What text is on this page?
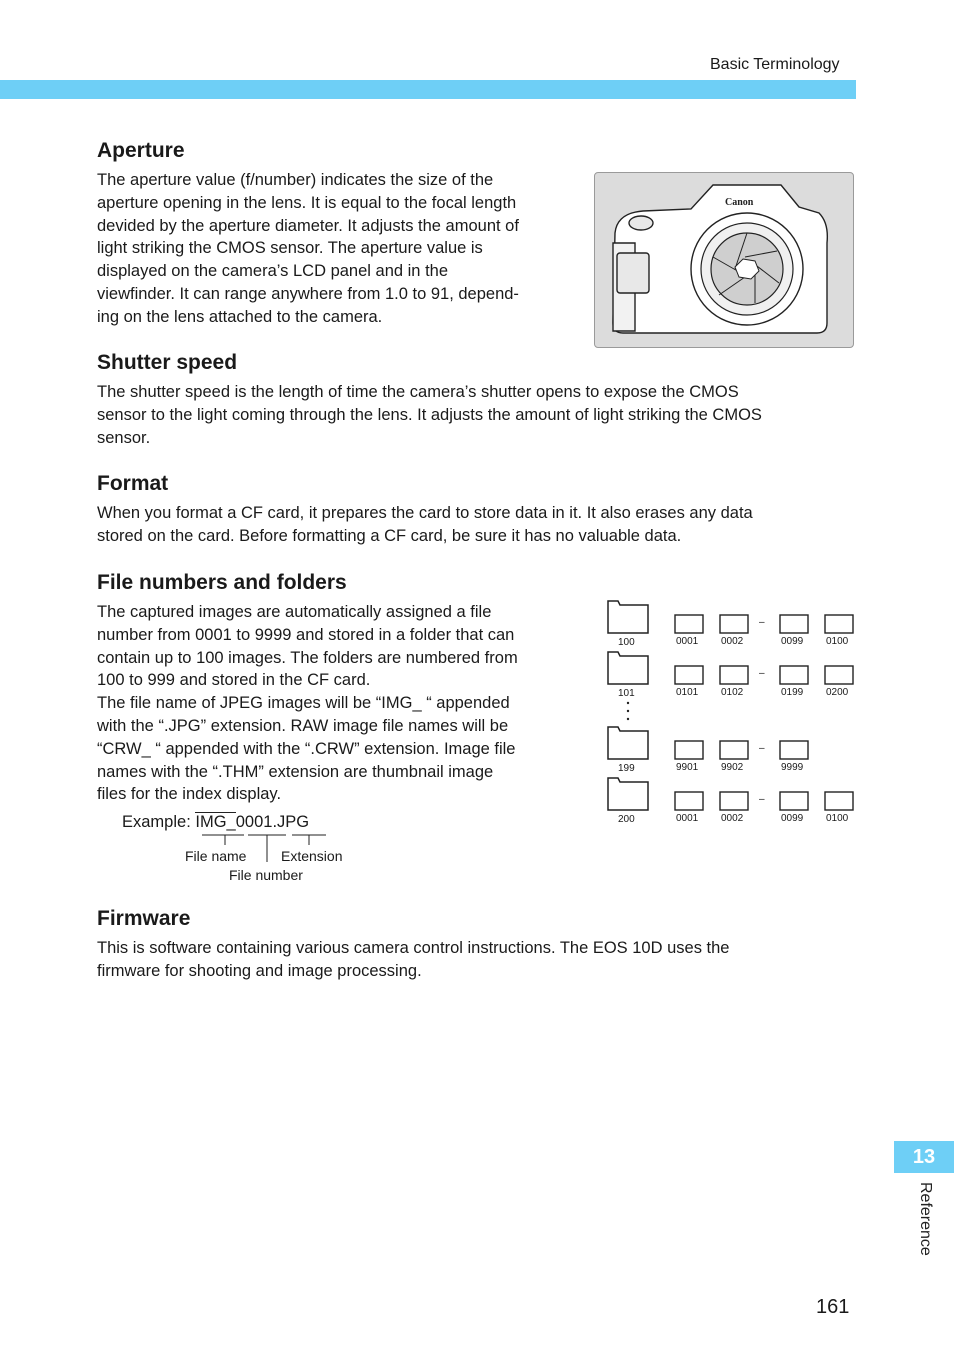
Basic Terminology
Aperture
The aperture value (f/number) indicates the size of the
aperture opening in the lens. It is equal to the focal length
devided by the aperture diameter. It adjusts the amount of
light striking the CMOS sensor. The aperture value is
displayed on the camera’s LCD panel and in the
viewfinder. It can range anywhere from 1.0 to 91, depend-
ing on the lens attached to the camera.
Canon
Shutter speed
The shutter speed is the length of time the camera’s shutter opens to expose the CMOS
sensor to the light coming through the lens. It adjusts the amount of light striking the CMOS
sensor.
Format
When you format a CF card, it prepares the card to store data in it. It also erases any data
stored on the card. Before formatting a CF card, be sure it has no valuable data.
File numbers and folders
The captured images are automatically assigned a file
number from 0001 to 9999 and stored in a folder that can
contain up to 100 images. The folders are numbered from
100 to 999 and stored in the CF card.
The file name of JPEG images will be “IMG_ “ appended
with the “.JPG” extension. RAW image file names will be
“CRW_ “ appended with the “.CRW” extension. Image file
names with the “.THM” extension are thumbnail image
files for the index display.
Example: IMG_0001.JPG
File name Extension
File number
100	0001 0002	0099 0100
–
101	0101 0102	0199 0200
–
199	9901 9902	9999
–
200	0001 0002	0099 0100
–
Firmware
This is software containing various camera control instructions. The EOS 10D uses the
firmware for shooting and image processing.
13
Reference
161
